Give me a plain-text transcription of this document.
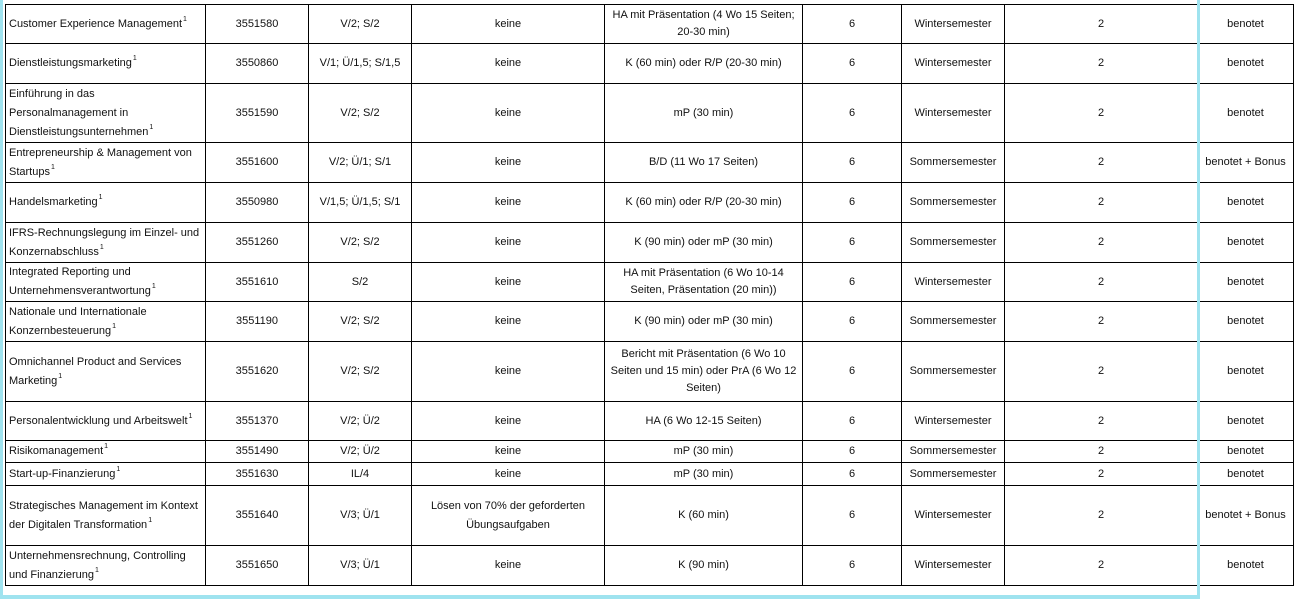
Customer Experience Management$^1$	3551580	V/2; S/2	keine	HA mit Präsentation (4 Wo 15 Seiten; 20-30 min)	6	Wintersemester	2	benotet
Dienstleistungsmarketing$^1$	3550860	V/1; Ü/1,5; S/1,5	keine	K (60 min) oder R/P (20-30 min)	6	Wintersemester	2	benotet
Einführung in das Personalmanagement in Dienstleistungsunternehmen$^1$	3551590	V/2; S/2	keine	mP (30 min)	6	Wintersemester	2	benotet
Entrepreneurship & Management von Startups$^1$	3551600	V/2; Ü/1; S/1	keine	B/D (11 Wo 17 Seiten)	6	Sommersemester	2	benotet + Bonus
Handelsmarketing$^1$	3550980	V/1,5; Ü/1,5; S/1	keine	K (60 min) oder R/P (20-30 min)	6	Sommersemester	2	benotet
IFRS-Rechnungslegung im Einzel- und Konzernabschluss$^1$	3551260	V/2; S/2	keine	K (90 min) oder mP (30 min)	6	Sommersemester	2	benotet
Integrated Reporting und Unternehmensverantwortung$^1$	3551610	S/2	keine	HA mit Präsentation (6 Wo 10-14 Seiten, Präsentation (20 min))	6	Wintersemester	2	benotet
Nationale und Internationale Konzernbesteuerung$^1$	3551190	V/2; S/2	keine	K (90 min) oder mP (30 min)	6	Sommersemester	2	benotet
Omnichannel Product and Services Marketing$^1$	3551620	V/2; S/2	keine	Bericht mit Präsentation (6 Wo 10 Seiten und 15 min) oder PrA (6 Wo 12 Seiten)	6	Sommersemester	2	benotet
Personalentwicklung und Arbeitswelt$^1$	3551370	V/2; Ü/2	keine	HA (6 Wo 12-15 Seiten)	6	Wintersemester	2	benotet
Risikomanagement$^1$	3551490	V/2; Ü/2	keine	mP (30 min)	6	Sommersemester	2	benotet
Start-up-Finanzierung$^1$	3551630	IL/4	keine	mP (30 min)	6	Sommersemester	2	benotet
Strategisches Management im Kontext der Digitalen Transformation$^1$	3551640	V/3; Ü/1	Lösen von 70% der geforderten Übungsaufgaben	K (60 min)	6	Wintersemester	2	benotet + Bonus
Unternehmensrechnung, Controlling und Finanzierung$^1$	3551650	V/3; Ü/1	keine	K (90 min)	6	Wintersemester	2	benotet
